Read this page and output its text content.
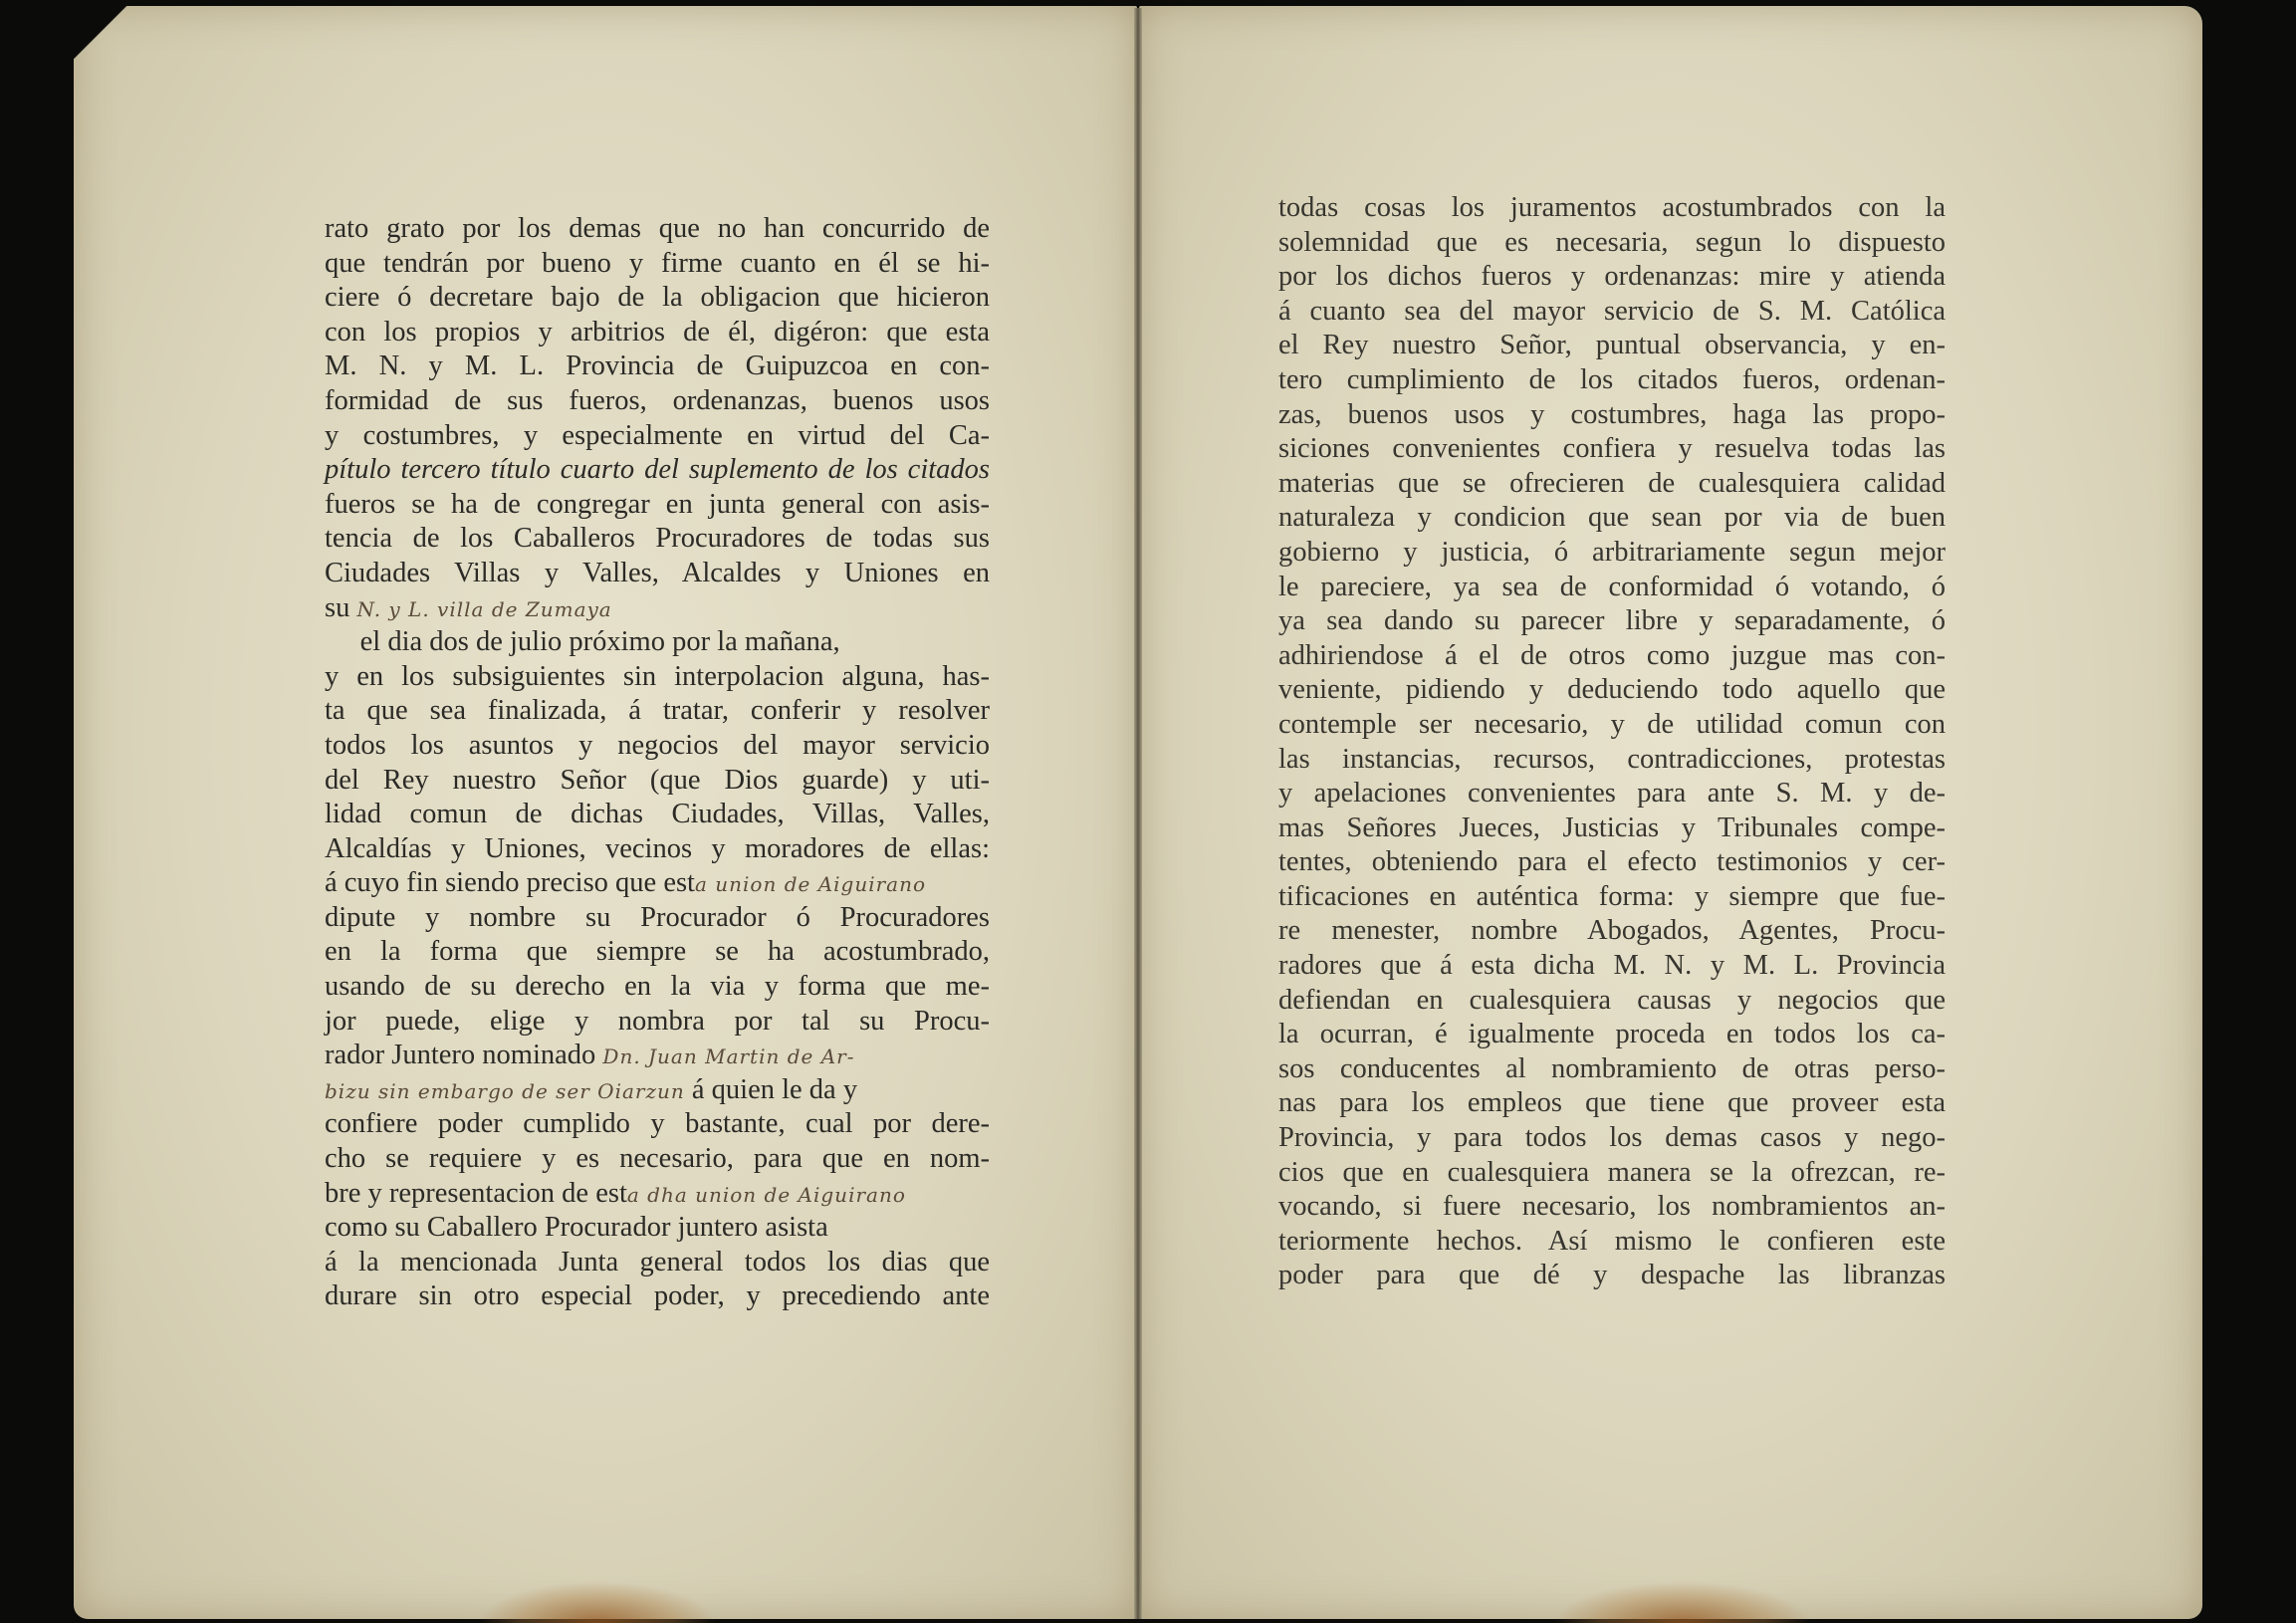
rato grato por los demas que no han concurrido de
que tendrán por bueno y firme cuanto en él se hi-
ciere ó decretare bajo de la obligacion que hicieron
con los propios y arbitrios de él, digéron: que esta
M. N. y M. L. Provincia de Guipuzcoa en con-
formidad de sus fueros, ordenanzas, buenos usos
y costumbres, y especialmente en virtud del Ca-
pítulo tercero título cuarto del suplemento de los citados
fueros se ha de congregar en junta general con asis-
tencia de los Caballeros Procuradores de todas sus
Ciudades Villas y Valles, Alcaldes y Uniones en
su N. y L. villa de Zumaya
el dia dos de julio próximo por la mañana,
y en los subsiguientes sin interpolacion alguna, has-
ta que sea finalizada, á tratar, conferir y resolver
todos los asuntos y negocios del mayor servicio
del Rey nuestro Señor (que Dios guarde) y uti-
lidad comun de dichas Ciudades, Villas, Valles,
Alcaldías y Uniones, vecinos y moradores de ellas:
á cuyo fin siendo preciso que esta union de Aiguirano
dipute y nombre su Procurador ó Procuradores
en la forma que siempre se ha acostumbrado,
usando de su derecho en la via y forma que me-
jor puede, elige y nombra por tal su Procu-
rador Juntero nominado Dn. Juan Martin de Ar-
bizu sin embargo de ser Oiarzun á quien le da y
confiere poder cumplido y bastante, cual por dere-
cho se requiere y es necesario, para que en nom-
bre y representacion de esta dha union de Aiguirano
como su Caballero Procurador juntero asista
á la mencionada Junta general todos los dias que
durare sin otro especial poder, y precediendo ante
todas cosas los juramentos acostumbrados con la
solemnidad que es necesaria, segun lo dispuesto
por los dichos fueros y ordenanzas: mire y atienda
á cuanto sea del mayor servicio de S. M. Católica
el Rey nuestro Señor, puntual observancia, y en-
tero cumplimiento de los citados fueros, ordenan-
zas, buenos usos y costumbres, haga las propo-
siciones convenientes confiera y resuelva todas las
materias que se ofrecieren de cualesquiera calidad
naturaleza y condicion que sean por via de buen
gobierno y justicia, ó arbitrariamente segun mejor
le pareciere, ya sea de conformidad ó votando, ó
ya sea dando su parecer libre y separadamente, ó
adhiriendose á el de otros como juzgue mas con-
veniente, pidiendo y deduciendo todo aquello que
contemple ser necesario, y de utilidad comun con
las instancias, recursos, contradicciones, protestas
y apelaciones convenientes para ante S. M. y de-
mas Señores Jueces, Justicias y Tribunales compe-
tentes, obteniendo para el efecto testimonios y cer-
tificaciones en auténtica forma: y siempre que fue-
re menester, nombre Abogados, Agentes, Procu-
radores que á esta dicha M. N. y M. L. Provincia
defiendan en cualesquiera causas y negocios que
la ocurran, é igualmente proceda en todos los ca-
sos conducentes al nombramiento de otras perso-
nas para los empleos que tiene que proveer esta
Provincia, y para todos los demas casos y nego-
cios que en cualesquiera manera se la ofrezcan, re-
vocando, si fuere necesario, los nombramientos an-
teriormente hechos. Así mismo le confieren este
poder para que dé y despache las libranzas
